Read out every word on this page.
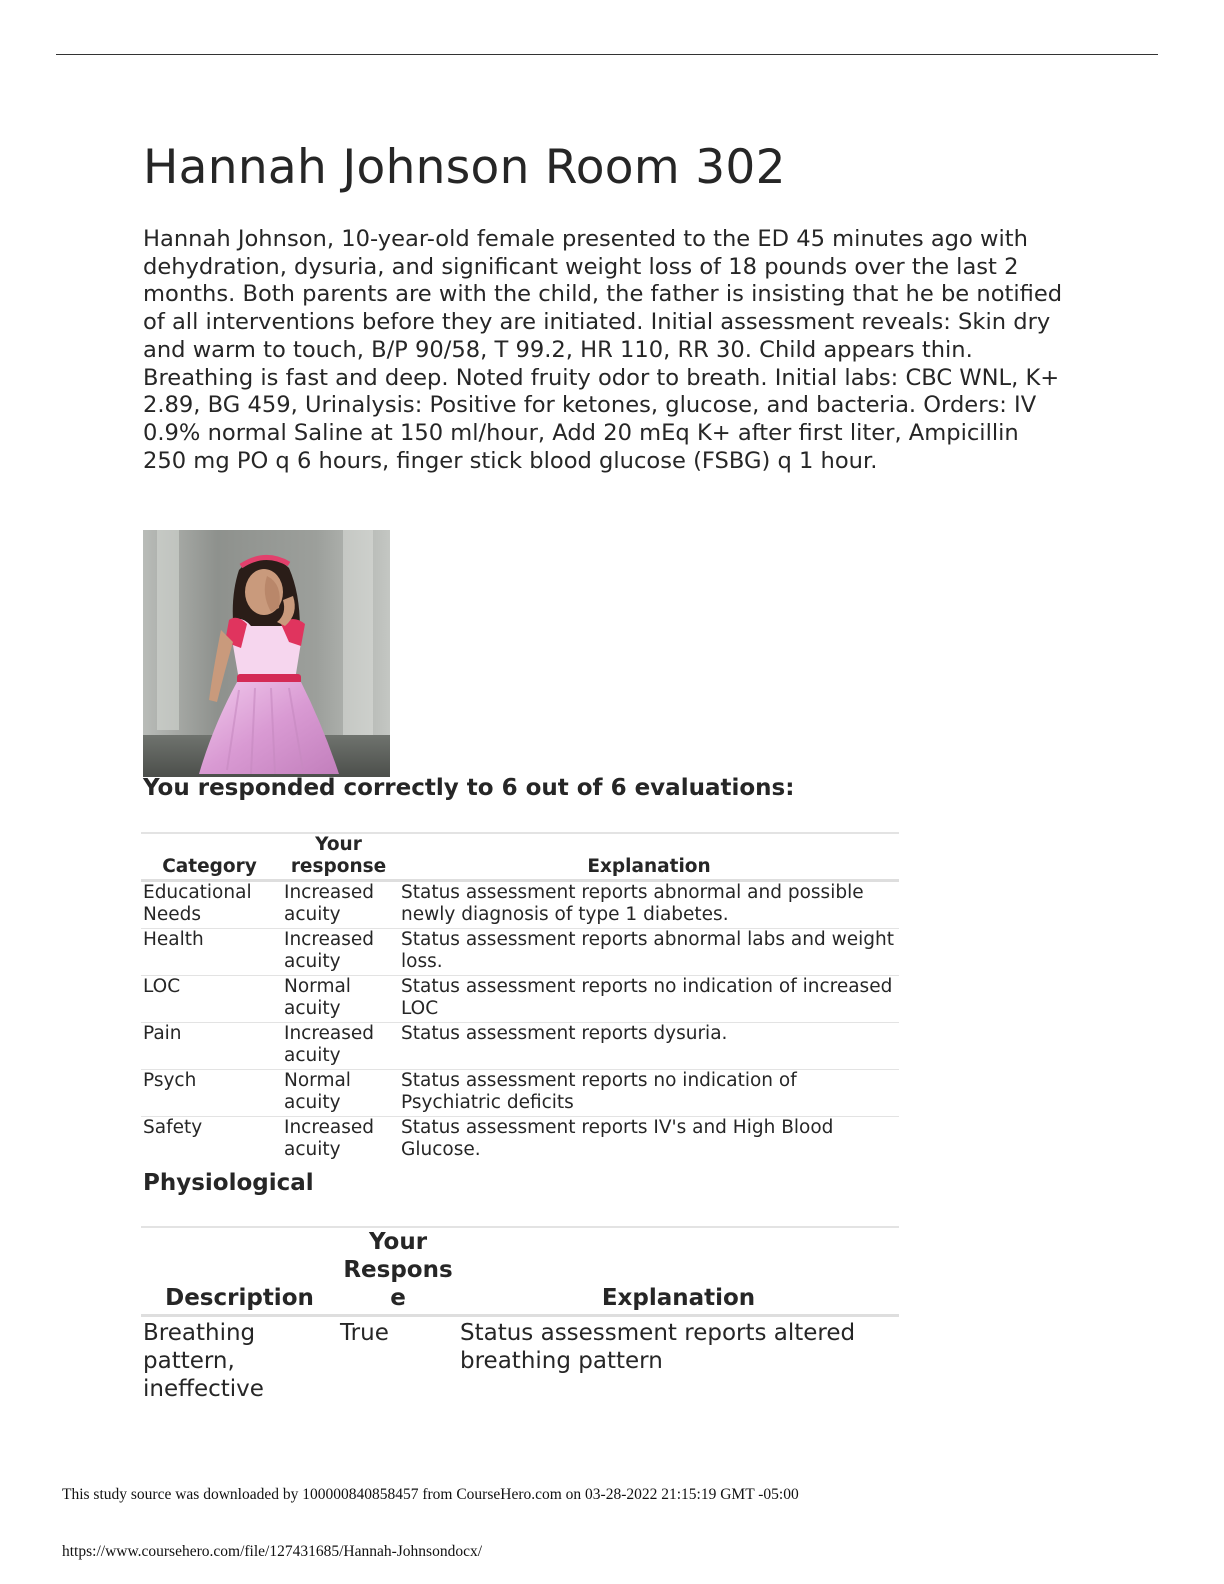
Hannah Johnson Room 302

Hannah Johnson, 10-year-old female presented to the ED 45 minutes ago with dehydration, dysuria, and significant weight loss of 18 pounds over the last 2 months. Both parents are with the child, the father is insisting that he be notified of all interventions before they are initiated. Initial assessment reveals: Skin dry and warm to touch, B/P 90/58, T 99.2, HR 110, RR 30. Child appears thin. Breathing is fast and deep. Noted fruity odor to breath. Initial labs: CBC WNL, K+ 2.89, BG 459, Urinalysis: Positive for ketones, glucose, and bacteria. Orders: IV 0.9% normal Saline at 150 ml/hour, Add 20 mEq K+ after first liter, Ampicillin 250 mg PO q 6 hours, finger stick blood glucose (FSBG) q 1 hour.

You responded correctly to 6 out of 6 evaluations:
Category	Your response	Explanation
Educational Needs	Increased acuity	Status assessment reports abnormal and possible newly diagnosis of type 1 diabetes.
Health	Increased acuity	Status assessment reports abnormal labs and weight loss.
LOC	Normal acuity	Status assessment reports no indication of increased LOC
Pain	Increased acuity	Status assessment reports dysuria.
Psych	Normal acuity	Status assessment reports no indication of Psychiatric deficits
Safety	Increased acuity	Status assessment reports IV's and High Blood Glucose.
Physiological
Description	Your Respons e	Explanation
Breathing pattern, ineffective	True	Status assessment reports altered breathing pattern

This study source was downloaded by 100000840858457 from CourseHero.com on 03-28-2022 21:15:19 GMT -05:00

https://www.coursehero.com/file/127431685/Hannah-Johnsondocx/
